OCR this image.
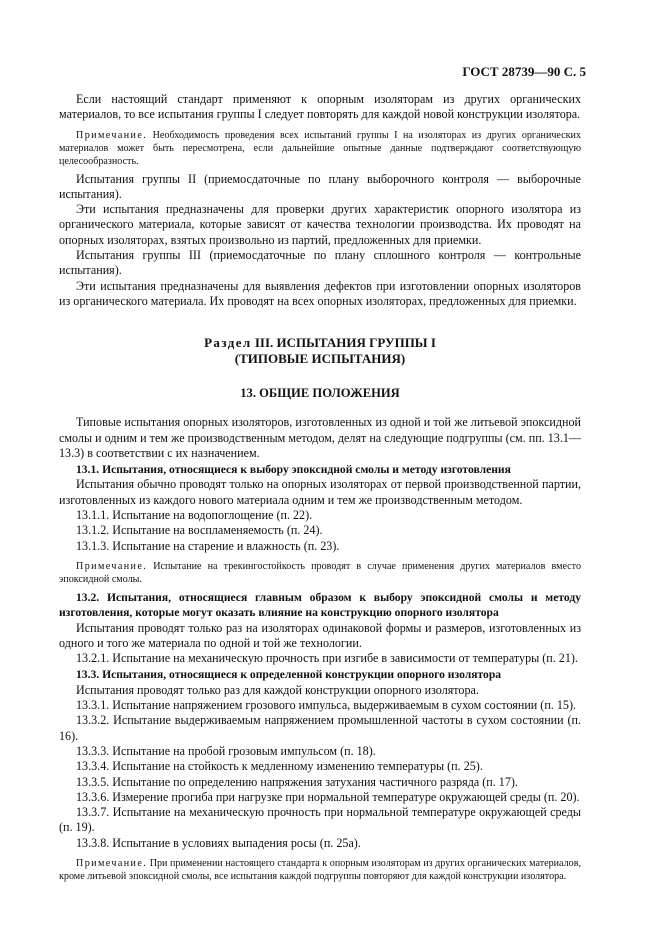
ГОСТ 28739—90 С. 5

Если настоящий стандарт применяют к опорным изоляторам из других органических материалов, то все испытания группы I следует повторять для каждой новой конструкции изолятора.

Примечание. Необходимость проведения всех испытаний группы I на изоляторах из других органических материалов может быть пересмотрена, если дальнейшие опытные данные подтверждают соответствующую целесообразность.

Испытания группы II (приемосдаточные по плану выборочного контроля — выборочные испытания).

Эти испытания предназначены для проверки других характеристик опорного изолятора из органического материала, которые зависят от качества технологии производства. Их проводят на опорных изоляторах, взятых произвольно из партий, предложенных для приемки.

Испытания группы III (приемосдаточные по плану сплошного контроля — контрольные испытания).

Эти испытания предназначены для выявления дефектов при изготовлении опорных изоляторов из органического материала. Их проводят на всех опорных изоляторах, предложенных для приемки.

Раздел III. ИСПЫТАНИЯ ГРУППЫ I
(ТИПОВЫЕ ИСПЫТАНИЯ)
13. ОБЩИЕ ПОЛОЖЕНИЯ

Типовые испытания опорных изоляторов, изготовленных из одной и той же литьевой эпоксидной смолы и одним и тем же производственным методом, делят на следующие подгруппы (см. пп. 13.1—13.3) в соответствии с их назначением.

13.1. Испытания, относящиеся к выбору эпоксидной смолы и методу изготовления

Испытания обычно проводят только на опорных изоляторах от первой производственной партии, изготовленных из каждого нового материала одним и тем же производственным методом.

13.1.1. Испытание на водопоглощение (п. 22).

13.1.2. Испытание на воспламеняемость (п. 24).

13.1.3. Испытание на старение и влажность (п. 23).

Примечание. Испытание на трекингостойкость проводят в случае применения других материалов вместо эпоксидной смолы.

13.2. Испытания, относящиеся главным образом к выбору эпоксидной смолы и методу изготовления, которые могут оказать влияние на конструкцию опорного изолятора

Испытания проводят только раз на изоляторах одинаковой формы и размеров, изготовленных из одного и того же материала по одной и той же технологии.

13.2.1. Испытание на механическую прочность при изгибе в зависимости от температуры (п. 21).

13.3. Испытания, относящиеся к определенной конструкции опорного изолятора

Испытания проводят только раз для каждой конструкции опорного изолятора.

13.3.1. Испытание напряжением грозового импульса, выдерживаемым в сухом состоянии (п. 15).

13.3.2. Испытание выдерживаемым напряжением промышленной частоты в сухом состоянии (п. 16).

13.3.3. Испытание на пробой грозовым импульсом (п. 18).

13.3.4. Испытание на стойкость к медленному изменению температуры (п. 25).

13.3.5. Испытание по определению напряжения затухания частичного разряда (п. 17).

13.3.6. Измерение прогиба при нагрузке при нормальной температуре окружающей среды (п. 20).

13.3.7. Испытание на механическую прочность при нормальной температуре окружающей среды (п. 19).

13.3.8. Испытание в условиях выпадения росы (п. 25а).

Примечание. При применении настоящего стандарта к опорным изоляторам из других органических материалов, кроме литьевой эпоксидной смолы, все испытания каждой подгруппы повторяют для каждой конструкции изолятора.
